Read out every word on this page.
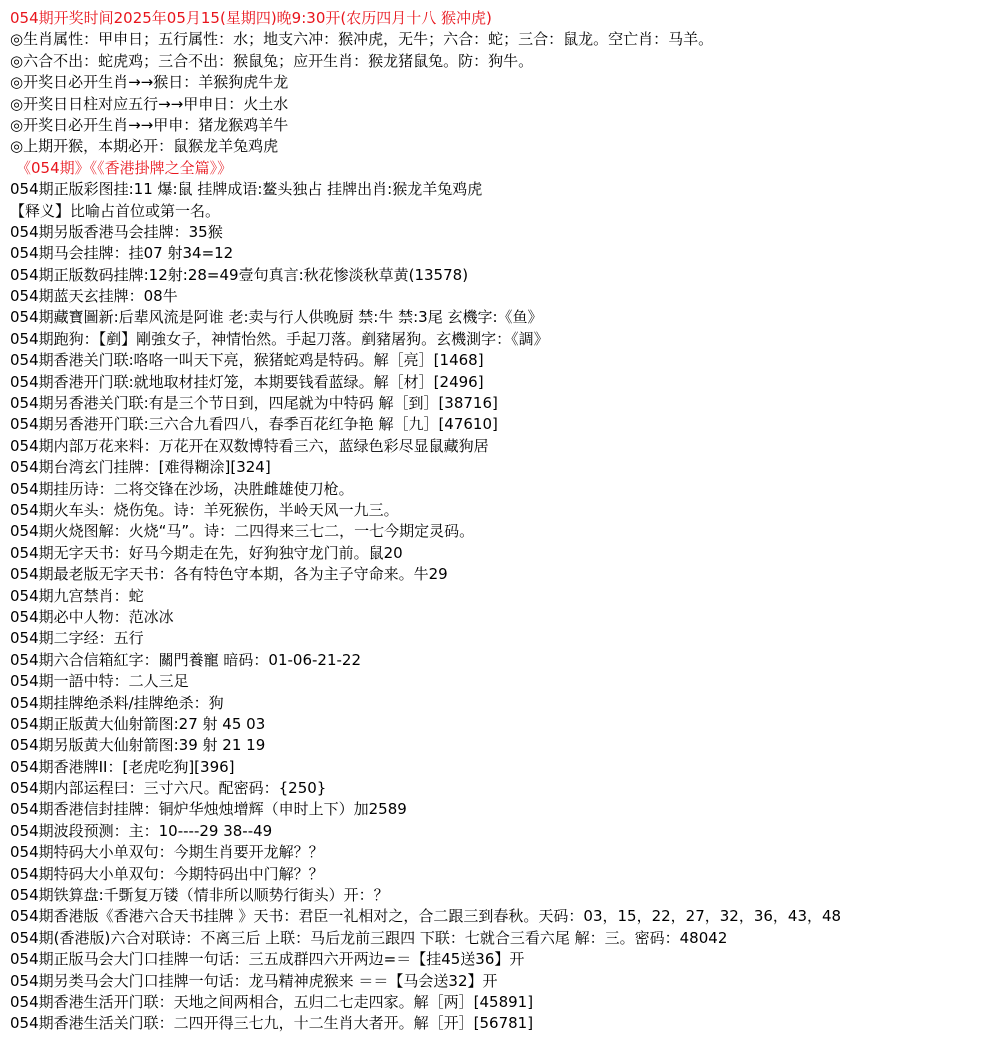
054期开奖时间2025年05月15(星期四)晚9:30开(农历四月十八 猴冲虎)
◎生肖属性：甲申日；五行属性：水；地支六冲：猴冲虎，无牛；六合：蛇；三合：鼠龙。空亡肖：马羊。
◎六合不出：蛇虎鸡；三合不出：猴鼠兔；应开生肖：猴龙猪鼠兔。防：狗牛。
◎开奖日必开生肖→→猴日：羊猴狗虎牛龙
◎开奖日日柱对应五行→→甲申日：火土水
◎开奖日必开生肖→→甲申：猪龙猴鸡羊牛
◎上期开猴，本期必开：鼠猴龙羊兔鸡虎
《054期》《《香港掛牌之全篇》》
054期正版彩图挂:11 爆:鼠 挂牌成语:鳌头独占 挂牌出肖:猴龙羊兔鸡虎
【释义】比喻占首位或第一名。
054期另版香港马会挂牌：35猴
054期马会挂牌：挂07 射34=12
054期正版数码挂牌:12射:28=49壹句真言:秋花惨淡秋草黄(13578)
054期蓝天玄挂牌：08牛
054期藏寶圖新:后辈风流是阿谁 老:卖与行人供晚厨 禁:牛 禁:3尾 玄機字:《鱼》
054期跑狗：【剷】剛強女子，神情怡然。手起刀落。剷豬屠狗。玄機測字：《調》
054期香港关门联:咯咯一叫天下亮，猴猪蛇鸡是特码。解［亮］[1468]
054期香港开门联:就地取材挂灯笼，本期要钱看蓝绿。解［材］[2496]
054期另香港关门联:有是三个节日到，四尾就为中特码 解［到］[38716]
054期另香港开门联:三六合九看四八，春季百花红争艳 解［九］[47610]
054期内部万花来料：万花开在双数博特看三六，蓝绿色彩尽显鼠藏狗居
054期台湾玄门挂牌：[难得糊涂][324]
054期挂历诗：二将交锋在沙场，决胜雌雄使刀枪。
054期火车头：烧伤兔。诗：羊死猴伤，半岭天风一九三。
054期火烧图解：火烧“马”。诗：二四得来三七二，一七今期定灵码。
054期无字天书：好马今期走在先，好狗独守龙门前。鼠20
054期最老版无字天书：各有特色守本期，各为主子守命来。牛29
054期九宫禁肖：蛇
054期必中人物：范冰冰
054期二字经：五行
054期六合信箱紅字：關門養寵 暗码：01-06-21-22
054期一語中特：二人三足
054期挂牌绝杀料/挂牌绝杀：狗
054期正版黄大仙射箭图:27 射 45 03
054期另版黄大仙射箭图:39 射 21 19
054期香港牌II：[老虎吃狗][396]
054期内部运程曰：三寸六尺。配密码：{250}
054期香港信封挂牌：铜炉华烛烛增辉（申时上下）加2589
054期波段预测：主：10----29 38--49
054期特码大小单双句：今期生肖要开龙解？？
054期特码大小单双句：今期特码出中门解？？
054期铁算盘:千斲复万镂（情非所以顺势行街头）开：？
054期香港版《香港六合天书挂牌 》天书：君臣一礼相对之，合二跟三到春秋。天码：03，15，22，27，32，36，43，48
054期(香港版)六合对联诗：不离三后 上联：马后龙前三跟四 下联：七就合三看六尾 解：三。密码：48042
054期正版马会大门口挂牌一句话：三五成群四六开两边=＝【挂45送36】开
054期另类马会大门口挂牌一句话：龙马精神虎猴来 ＝＝【马会送32】开
054期香港生活开门联：天地之间两相合，五归二七走四家。解［两］[45891]
054期香港生活关门联：二四开得三七九，十二生肖大者开。解［开］[56781]
